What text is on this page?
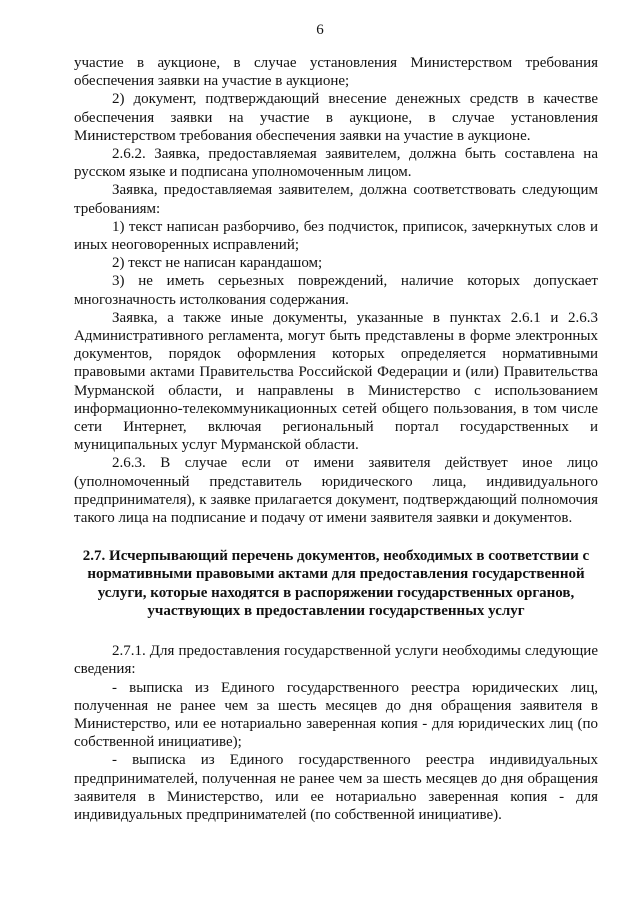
6

участие в аукционе, в случае установления Министерством требования обеспечения заявки на участие в аукционе;

2) документ, подтверждающий внесение денежных средств в качестве обеспечения заявки на участие в аукционе, в случае установления Министерством требования обеспечения заявки на участие в аукционе.

2.6.2. Заявка, предоставляемая заявителем, должна быть составлена на русском языке и подписана уполномоченным лицом.

Заявка, предоставляемая заявителем, должна соответствовать следующим требованиям:

1) текст написан разборчиво, без подчисток, приписок, зачеркнутых слов и иных неоговоренных исправлений;

2) текст не написан карандашом;

3) не иметь серьезных повреждений, наличие которых допускает многозначность истолкования содержания.

Заявка, а также иные документы, указанные в пунктах 2.6.1 и 2.6.3 Административного регламента, могут быть представлены в форме электронных документов, порядок оформления которых определяется нормативными правовыми актами Правительства Российской Федерации и (или) Правительства Мурманской области, и направлены в Министерство с использованием информационно-телекоммуникационных сетей общего пользования, в том числе сети Интернет, включая региональный портал государственных и муниципальных услуг Мурманской области.

2.6.3. В случае если от имени заявителя действует иное лицо (уполномоченный представитель юридического лица, индивидуального предпринимателя), к заявке прилагается документ, подтверждающий полномочия такого лица на подписание и подачу от имени заявителя заявки и документов.

2.7. Исчерпывающий перечень документов, необходимых в соответствии с нормативными правовыми актами для предоставления государственной услуги, которые находятся в распоряжении государственных органов, участвующих в предоставлении государственных услуг

2.7.1. Для предоставления государственной услуги необходимы следующие сведения:

- выписка из Единого государственного реестра юридических лиц, полученная не ранее чем за шесть месяцев до дня обращения заявителя в Министерство, или ее нотариально заверенная копия - для юридических лиц (по собственной инициативе);

- выписка из Единого государственного реестра индивидуальных предпринимателей, полученная не ранее чем за шесть месяцев до дня обращения заявителя в Министерство, или ее нотариально заверенная копия - для индивидуальных предпринимателей (по собственной инициативе).
